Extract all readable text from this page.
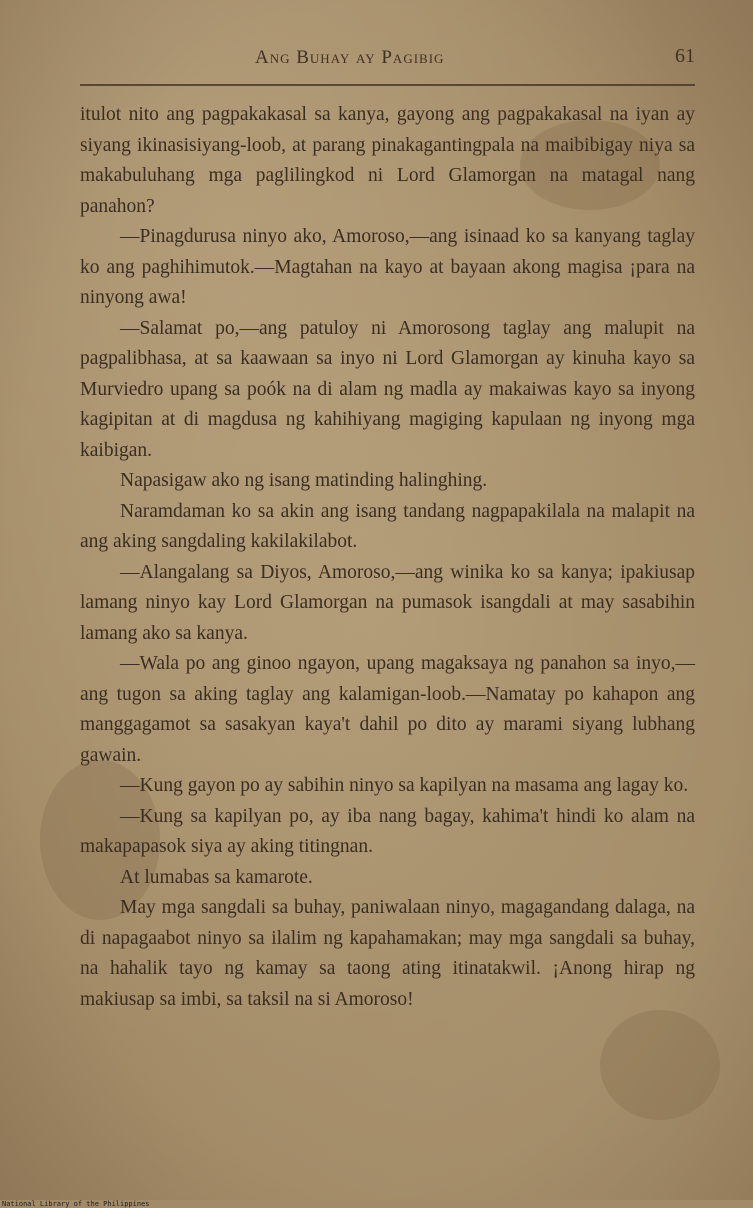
Ang Buhay ay Pagibig	61

itulot nito ang pagpakakasal sa kanya, gayong ang pagpakakasal na iyan ay siyang ikinasisiyang-loob, at parang pinakagantingpala na maibibigay niya sa makabuluhang mga paglilingkod ni Lord Glamorgan na matagal nang panahon?

—Pinagdurusa ninyo ako, Amoroso,—ang isinaad ko sa kanyang taglay ko ang paghihimutok.—Magtahan na kayo at bayaan akong magisa ¡para na ninyong awa!

—Salamat po,—ang patuloy ni Amorosong taglay ang malupit na pagpalibhasa, at sa kaawaan sa inyo ni Lord Glamorgan ay kinuha kayo sa Murviedro upang sa poók na di alam ng madla ay makaiwas kayo sa inyong kagipitan at di magdusa ng kahihiyang magiging kapulaan ng inyong mga kaibigan.

Napasigaw ako ng isang matinding halinghing.

Naramdaman ko sa akin ang isang tandang nagpapakilala na malapit na ang aking sangdaling kakilakilabot.

—Alangalang sa Diyos, Amoroso,—ang winika ko sa kanya; ipakiusap lamang ninyo kay Lord Glamorgan na pumasok isangdali at may sasabihin lamang ako sa kanya.

—Wala po ang ginoo ngayon, upang magaksaya ng panahon sa inyo,—ang tugon sa aking taglay ang kalamigan-loob.—Namatay po kahapon ang manggagamot sa sasakyan kaya't dahil po dito ay marami siyang lubhang gawain.

—Kung gayon po ay sabihin ninyo sa kapilyan na masama ang lagay ko.

—Kung sa kapilyan po, ay iba nang bagay, kahima't hindi ko alam na makapapasok siya ay aking titingnan.

At lumabas sa kamarote.

May mga sangdali sa buhay, paniwalaan ninyo, magagandang dalaga, na di napagaabot ninyo sa ilalim ng kapahamakan; may mga sangdali sa buhay, na hahalik tayo ng kamay sa taong ating itinatakwil. ¡Anong hirap ng makiusap sa imbi, sa taksil na si Amoroso!

National Library of the Philippines
